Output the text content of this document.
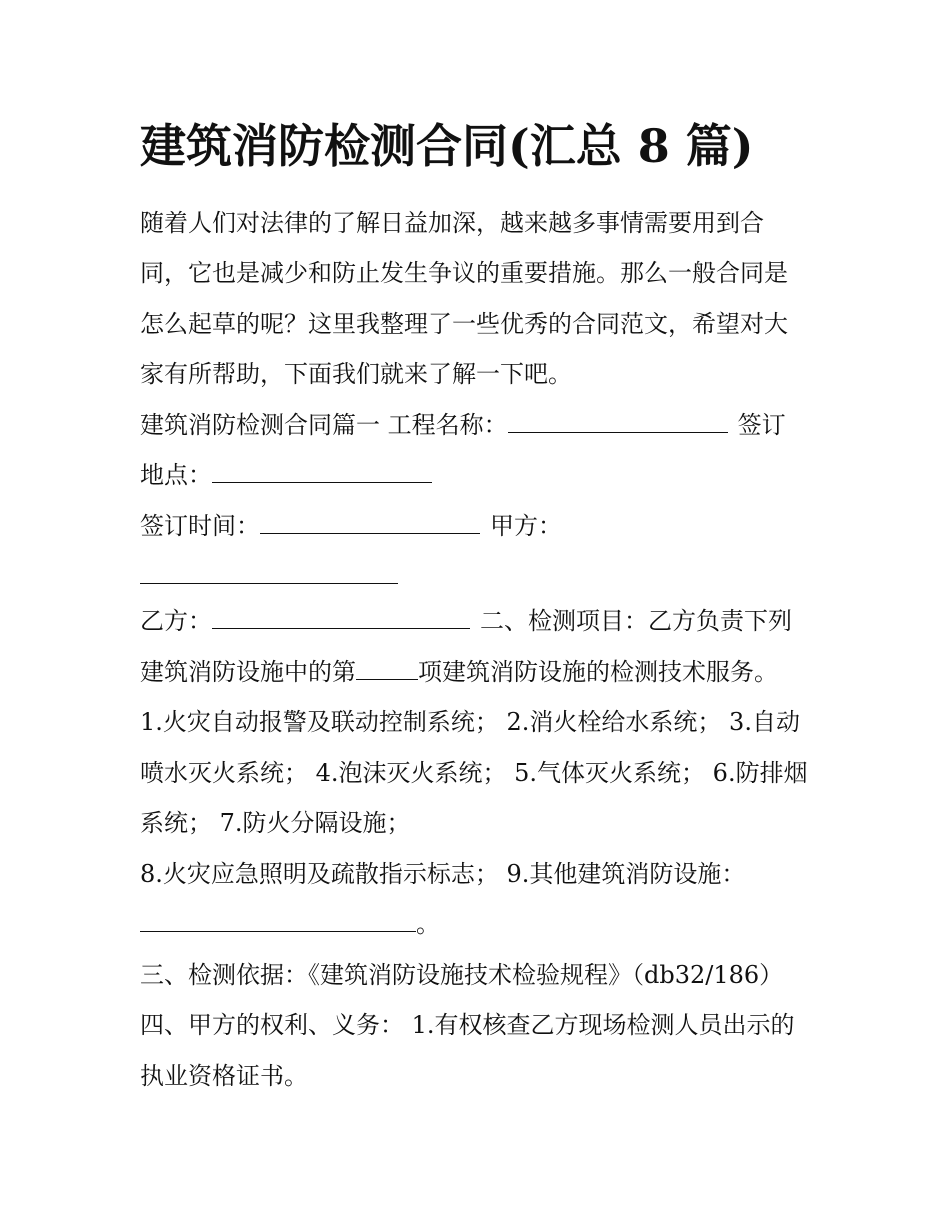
建筑消防检测合同(汇总 8 篇)
随着人们对法律的了解日益加深，越来越多事情需要用到合
同，它也是减少和防止发生争议的重要措施。那么一般合同是
怎么起草的呢？这里我整理了一些优秀的合同范文，希望对大
家有所帮助，下面我们就来了解一下吧。
建筑消防检测合同篇一 工程名称：	签订
地点：
签订时间：	甲方：
乙方：	二、检测项目：乙方负责下列
建筑消防设施中的第	项建筑消防设施的检测技术服务。
1.火灾自动报警及联动控制系统； 2.消火栓给水系统； 3.自动
喷水灭火系统； 4.泡沫灭火系统； 5.气体灭火系统； 6.防排烟
系统； 7.防火分隔设施；
8.火灾应急照明及疏散指示标志； 9.其他建筑消防设施：
。
三、检测依据：《建筑消防设施技术检验规程》（db32/186）
四、甲方的权利、义务： 1.有权核查乙方现场检测人员出示的
执业资格证书。
